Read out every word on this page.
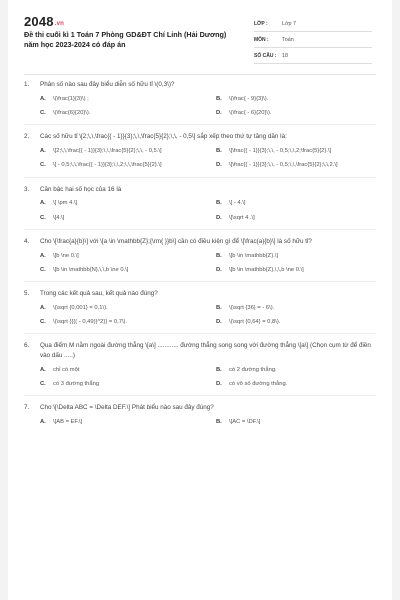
2048.vn
Đề thi cuối kì 1 Toán 7 Phòng GD&ĐT Chí Linh (Hải Dương) năm học 2023-2024 có đáp án
LỚP :	Lớp 7
MÔN :	Toán
SỐ CÂU :	18
1.	Phân số nào sau đây biểu diễn số hữu tỉ \(0,3\)?
A.	\(\frac{1}{3}\) ;	B.	\(\frac{ - 9}{3}\).
C.	\(\frac{6}{20}\).	D.	\(\frac{ - 6}{20}\).
2.	Các số hữu tỉ \[2;\,\,\frac{{ - 1}}{3};\,\,\frac{5}{2};\,\, - 0,5\] sắp xếp theo thứ tự tăng dần là:
A.	\[2;\,\,\frac{{ - 1}}{3};\,\,\frac{5}{2};\,\, - 0,5.\]	B.	\[\frac{{ - 1}}{3};\,\, - 0,5;\,\,2;\frac{5}{2}.\]
C.	\[ - 0,5;\,\,\frac{{ - 1}}{3};\,\,2;\,\,\frac{5}{2}.\]	D.	\[\frac{{ - 1}}{3};\,\, - 0,5;\,\,\frac{5}{2};\,\,2.\]
3.	Căn bậc hai số học của 16 là
A.	\[ \pm 4.\]	B.	\[ - 4.\]
C.	\[4.\]	D.	\[\sqrt 4 .\]
4.	Cho \[\frac{a}{b}\] với \[a \in \mathbb{Z};{\rm{ }}b\] cần có điều kiện gì để \[\frac{a}{b}\] là số hữu tỉ?
A.	\[b \ne 0.\]	B.	\[b \in \mathbb{Z}.\]
C.	\[b \in \mathbb{N},\,\,b \ne 0.\]	D.	\[b \in \mathbb{Z},\,\,b \ne 0.\]
5.	Trong các kết quả sau, kết quả nào đúng?
A.	\(\sqrt {0,001} = 0,1\).	B.	\(\sqrt {36} = - 6\).
C.	\(\sqrt {{{( - 0,49)}^2}} = 0,7\).	D.	\(\sqrt {0,64} = 0,8\).
6.	Qua điểm M nằm ngoài đường thẳng \[a\] ............ đường thẳng song song với đường thẳng \[a\] (Chọn cụm từ để điền vào dấu .....)
A.	chỉ có một	B.	có 2 đường thẳng.
C.	có 3 đường thẳng	D.	có vô số đường thẳng.
7.	Cho \[\Delta ABC = \Delta DEF.\] Phát biểu nào sau đây đúng?
A.	\[AB = EF.\]	B.	\[AC = \DF.\]
